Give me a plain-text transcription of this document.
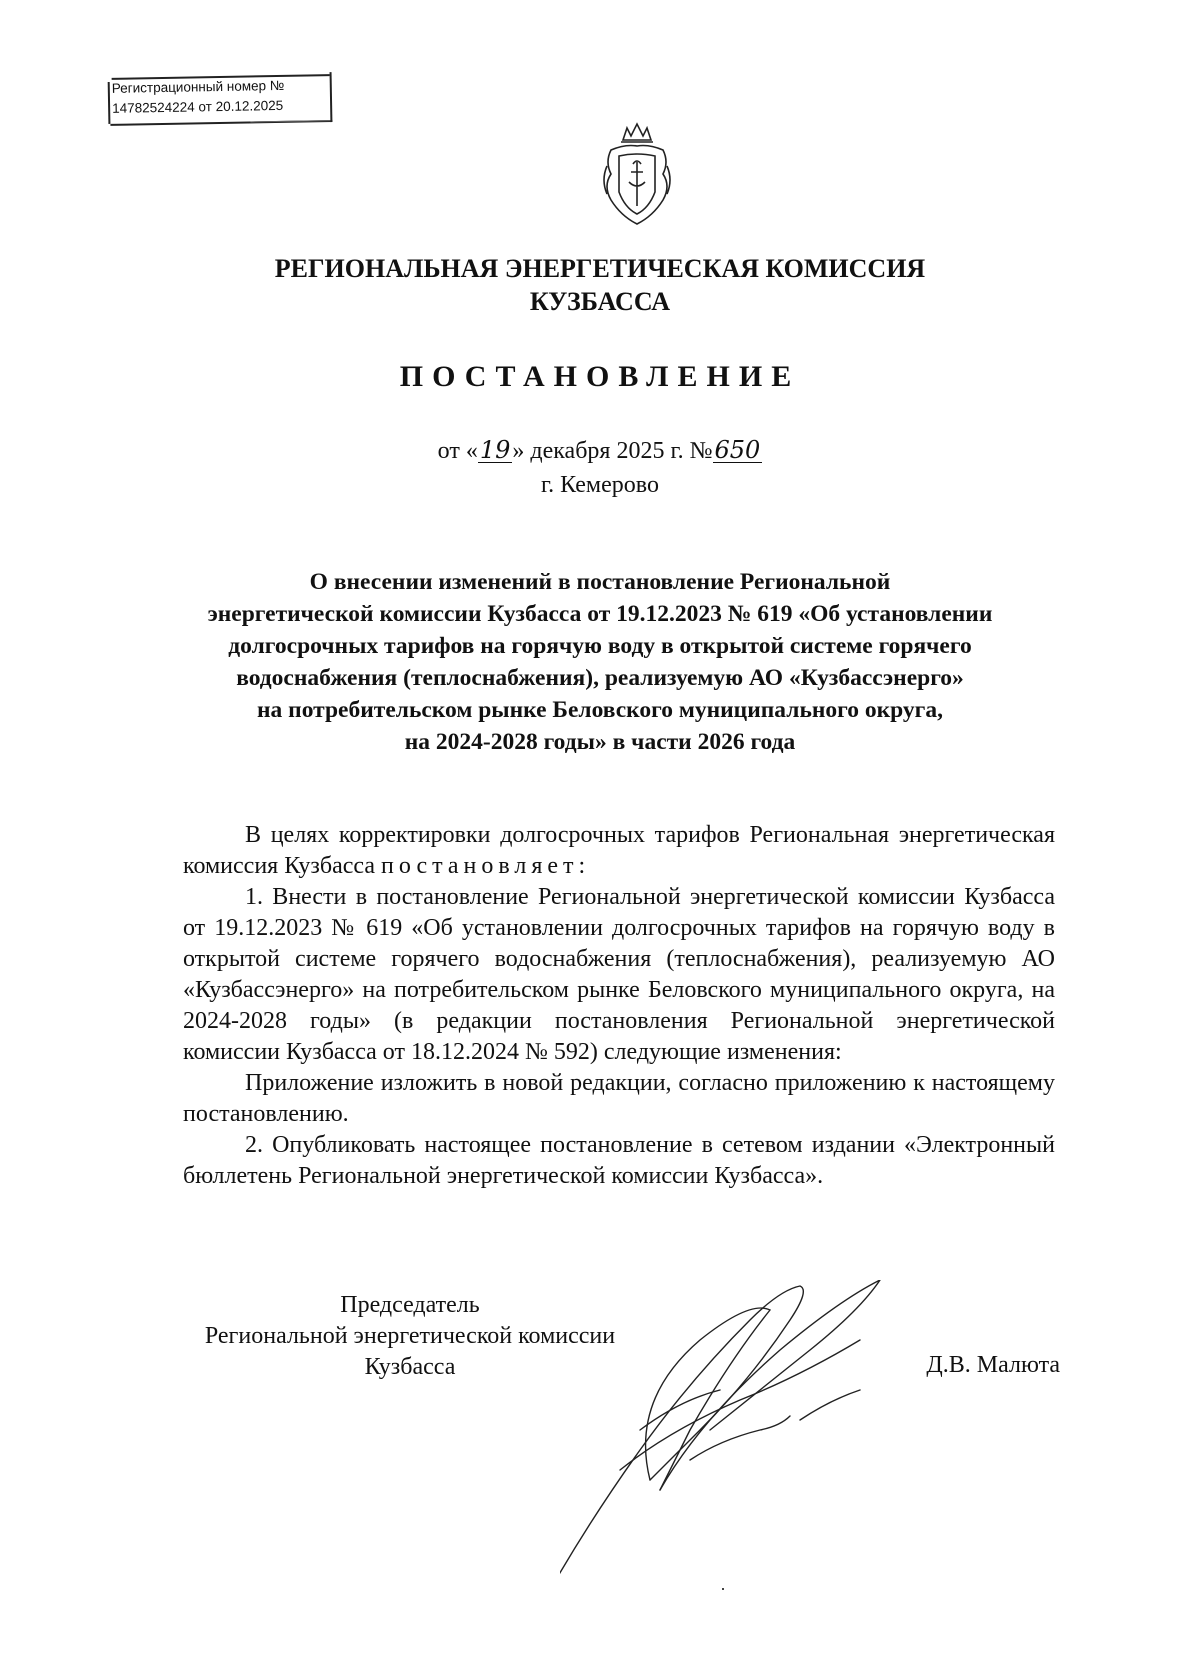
Регистрационный номер №
14782524224 от 20.12.2025
РЕГИОНАЛЬНАЯ ЭНЕРГЕТИЧЕСКАЯ КОМИССИЯ
КУЗБАССА
ПОСТАНОВЛЕНИЕ
от «19» декабря 2025 г. №650
г. Кемерово
О внесении изменений в постановление Региональной
энергетической комиссии Кузбасса от 19.12.2023 № 619 «Об установлении
долгосрочных тарифов на горячую воду в открытой системе горячего
водоснабжения (теплоснабжения), реализуемую АО «Кузбассэнерго»
на потребительском рынке Беловского муниципального округа,
на 2024-2028 годы» в части 2026 года

В целях корректировки долгосрочных тарифов Региональная энергетическая комиссия Кузбасса постановляет:

1. Внести в постановление Региональной энергетической комиссии Кузбасса от 19.12.2023 № 619 «Об установлении долгосрочных тарифов на горячую воду в открытой системе горячего водоснабжения (теплоснабжения), реализуемую АО «Кузбассэнерго» на потребительском рынке Беловского муниципального округа, на 2024-2028 годы» (в редакции постановления Региональной энергетической комиссии Кузбасса от 18.12.2024 № 592) следующие изменения:

Приложение изложить в новой редакции, согласно приложению к настоящему постановлению.

2. Опубликовать настоящее постановление в сетевом издании «Электронный бюллетень Региональной энергетической комиссии Кузбасса».

Председатель
Региональной энергетической комиссии
Кузбасса	Д.В. Малюта
